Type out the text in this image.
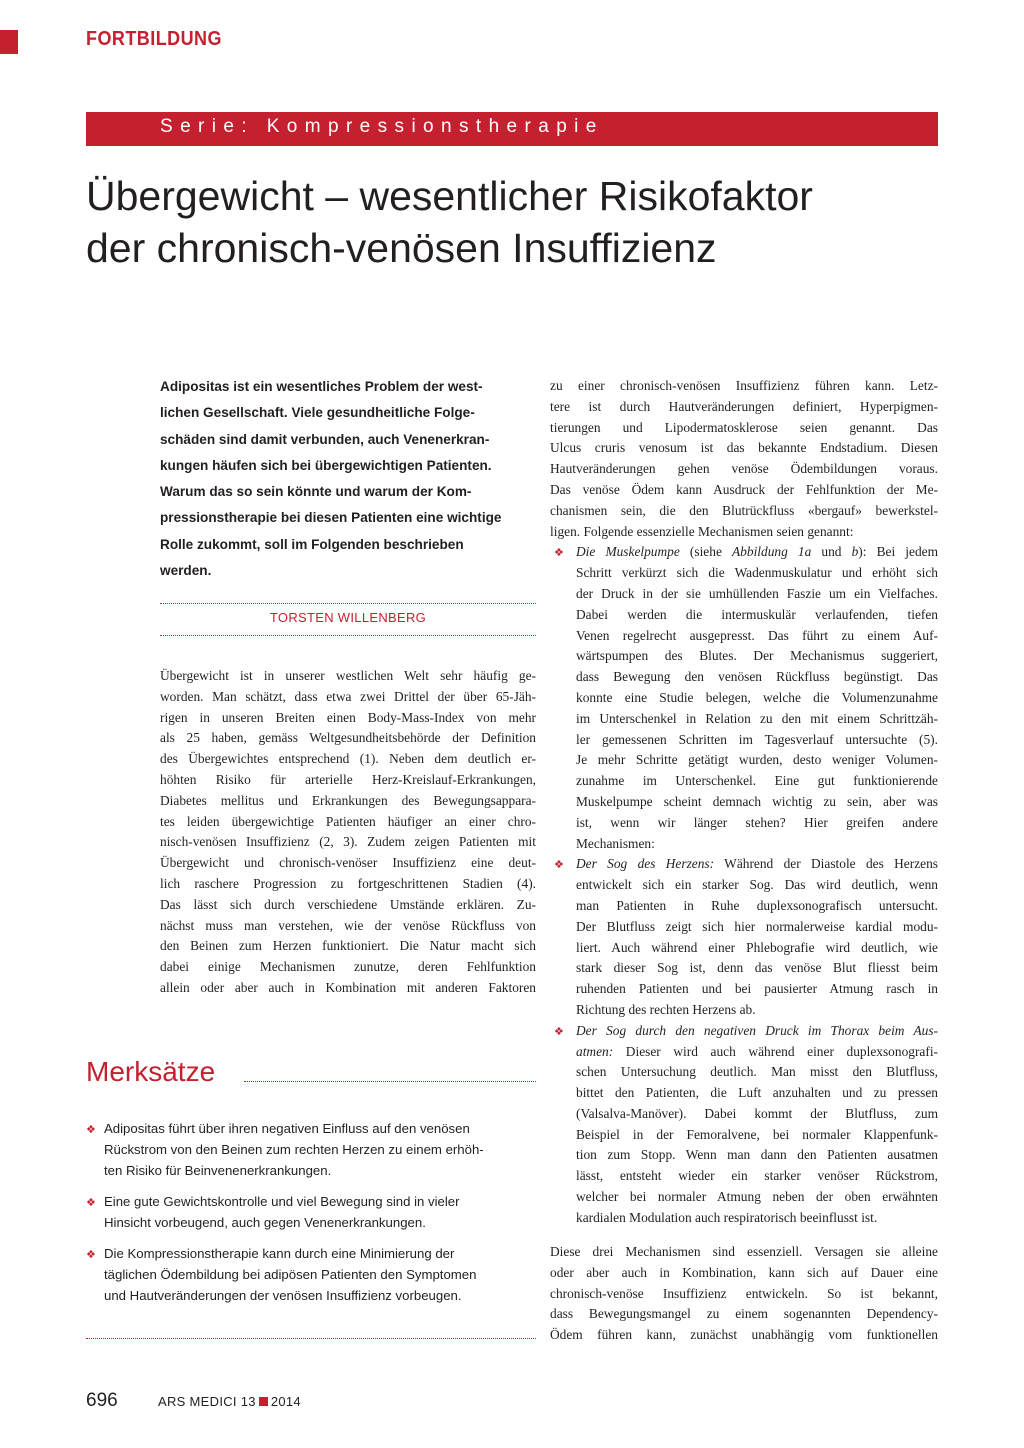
FORTBILDUNG
Serie: Kompressionstherapie
Übergewicht – wesentlicher Risikofaktor
der chronisch-venösen Insuffizienz
Adipositas ist ein wesentliches Problem der west-
lichen Gesellschaft. Viele gesundheitliche Folge-
schäden sind damit verbunden, auch Venenerkran-
kungen häufen sich bei übergewichtigen Patienten.
Warum das so sein könnte und warum der Kom-
pressionstherapie bei diesen Patienten eine wichtige
Rolle zukommt, soll im Folgenden beschrieben
werden.
TORSTEN WILLENBERG
Übergewicht ist in unserer westlichen Welt sehr häufig ge-
worden. Man schätzt, dass etwa zwei Drittel der über 65-Jäh-
rigen in unseren Breiten einen Body-Mass-Index von mehr
als 25 haben, gemäss Weltgesundheitsbehörde der Definition
des Übergewichtes entsprechend (1). Neben dem deutlich er-
höhten Risiko für arterielle Herz-Kreislauf-Erkrankungen,
Diabetes mellitus und Erkrankungen des Bewegungsappara-
tes leiden übergewichtige Patienten häufiger an einer chro-
nisch-venösen Insuffizienz (2, 3). Zudem zeigen Patienten mit
Übergewicht und chronisch-venöser Insuffizienz eine deut-
lich raschere Progression zu fortgeschrittenen Stadien (4).
Das lässt sich durch verschiedene Umstände erklären. Zu-
nächst muss man verstehen, wie der venöse Rückfluss von
den Beinen zum Herzen funktioniert. Die Natur macht sich
dabei einige Mechanismen zunutze, deren Fehlfunktion
allein oder aber auch in Kombination mit anderen Faktoren
zu einer chronisch-venösen Insuffizienz führen kann. Letz-
tere ist durch Hautveränderungen definiert, Hyperpigmen-
tierungen und Lipodermatosklerose seien genannt. Das
Ulcus cruris venosum ist das bekannte Endstadium. Diesen
Hautveränderungen gehen venöse Ödembildungen voraus.
Das venöse Ödem kann Ausdruck der Fehlfunktion der Me-
chanismen sein, die den Blutrückfluss «bergauf» bewerkstel-
ligen. Folgende essenzielle Mechanismen seien genannt:
❖ Die Muskelpumpe (siehe Abbildung 1a und b): Bei jedem
Schritt verkürzt sich die Wadenmuskulatur und erhöht sich
der Druck in der sie umhüllenden Faszie um ein Vielfaches.
Dabei werden die intermuskulär verlaufenden, tiefen
Venen regelrecht ausgepresst. Das führt zu einem Auf-
wärtspumpen des Blutes. Der Mechanismus suggeriert,
dass Bewegung den venösen Rückfluss begünstigt. Das
konnte eine Studie belegen, welche die Volumenzunahme
im Unterschenkel in Relation zu den mit einem Schrittzäh-
ler gemessenen Schritten im Tagesverlauf untersuchte (5).
Je mehr Schritte getätigt wurden, desto weniger Volumen-
zunahme im Unterschenkel. Eine gut funktionierende
Muskelpumpe scheint demnach wichtig zu sein, aber was
ist, wenn wir länger stehen? Hier greifen andere
Mechanismen:
❖ Der Sog des Herzens: Während der Diastole des Herzens
entwickelt sich ein starker Sog. Das wird deutlich, wenn
man Patienten in Ruhe duplexsonografisch untersucht.
Der Blutfluss zeigt sich hier normalerweise kardial modu-
liert. Auch während einer Phlebografie wird deutlich, wie
stark dieser Sog ist, denn das venöse Blut fliesst beim
ruhenden Patienten und bei pausierter Atmung rasch in
Richtung des rechten Herzens ab.
❖ Der Sog durch den negativen Druck im Thorax beim Aus-
atmen: Dieser wird auch während einer duplexsonografi-
schen Untersuchung deutlich. Man misst den Blutfluss,
bittet den Patienten, die Luft anzuhalten und zu pressen
(Valsalva-Manöver). Dabei kommt der Blutfluss, zum
Beispiel in der Femoralvene, bei normaler Klappenfunk-
tion zum Stopp. Wenn man dann den Patienten ausatmen
lässt, entsteht wieder ein starker venöser Rückstrom,
welcher bei normaler Atmung neben der oben erwähnten
kardialen Modulation auch respiratorisch beeinflusst ist.
Diese drei Mechanismen sind essenziell. Versagen sie alleine
oder aber auch in Kombination, kann sich auf Dauer eine
chronisch-venöse Insuffizienz entwickeln. So ist bekannt,
dass Bewegungsmangel zu einem sogenannten Dependency-
Ödem führen kann, zunächst unabhängig vom funktionellen
Merksätze
❖ Adipositas führt über ihren negativen Einfluss auf den venösen
Rückstrom von den Beinen zum rechten Herzen zu einem erhöh-
ten Risiko für Beinvenenerkrankungen.
❖ Eine gute Gewichtskontrolle und viel Bewegung sind in vieler
Hinsicht vorbeugend, auch gegen Venenerkrankungen.
❖ Die Kompressionstherapie kann durch eine Minimierung der
täglichen Ödembildung bei adipösen Patienten den Symptomen
und Hautveränderungen der venösen Insuffizienz vorbeugen.
696	ARS MEDICI 13 2014
